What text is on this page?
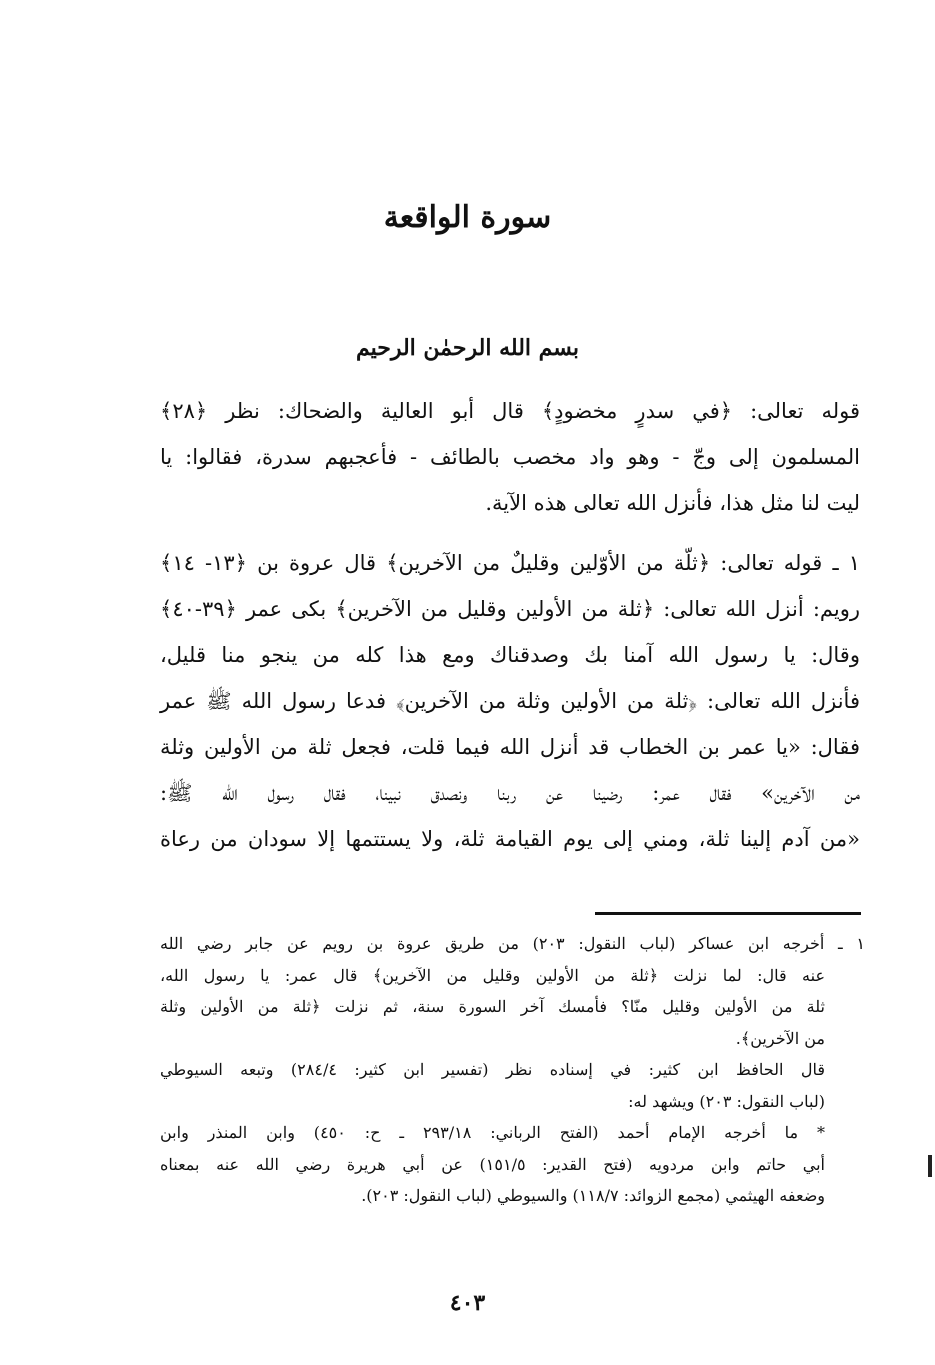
سورة الواقعة
بسم الله الرحمٰن الرحيم
قوله تعالى: ﴿في سدرٍ مخضودٍ﴾ قال أبو العالية والضحاك: نظر ﴿٢٨﴾
المسلمون إلى وجّ - وهو واد مخصب بالطائف - فأعجبهم سدرة، فقالوا: يا
ليت لنا مثل هذا، فأنزل الله تعالى هذه الآية.
١ ـ قوله تعالى: ﴿ثلّة من الأوّلين وقليلٌ من الآخرين﴾ قال عروة بن ﴿١٣- ١٤﴾
رويم: أنزل الله تعالى: ﴿ثلة من الأولين وقليل من الآخرين﴾ بكى عمر ﴿٣٩-٤٠﴾
وقال: يا رسول الله آمنا بك وصدقناك ومع هذا كله من ينجو منا قليل،
فأنزل الله تعالى: ﴿ثلة من الأولين وثلة من الآخرين﴾ فدعا رسول الله ﷺ عمر
فقال: «يا عمر بن الخطاب قد أنزل الله فيما قلت، فجعل ثلة من الأولين وثلة
من الآخرين» فقال عمر: رضينا عن ربنا ونصدق نبينا، فقال رسول الله ﷺ:
«من آدم إلينا ثلة، ومني إلى يوم القيامة ثلة، ولا يستتمها إلا سودان من رعاة
١ ـ أخرجه ابن عساكر (لباب النقول: ٢٠٣) من طريق عروة بن رويم عن جابر رضي الله
عنه قال: لما نزلت ﴿ثلة من الأولين وقليل من الآخرين﴾ قال عمر: يا رسول الله،
ثلة من الأولين وقليل منّا؟ فأمسك آخر السورة سنة، ثم نزلت ﴿ثلة من الأولين وثلة
من الآخرين﴾.
قال الحافظ ابن كثير: في إسناده نظر (تفسير ابن كثير: ٢٨٤/٤) وتبعه السيوطي
(لباب النقول: ٢٠٣) ويشهد له:
* ما أخرجه الإمام أحمد (الفتح الرباني: ٢٩٣/١٨ ـ ح: ٤٥٠) وابن المنذر وابن
أبي حاتم وابن مردويه (فتح القدير: ١٥١/٥) عن أبي هريرة رضي الله عنه بمعناه
وضعفه الهيثمي (مجمع الزوائد: ١١٨/٧) والسيوطي (لباب النقول: ٢٠٣).
٤٠٣
